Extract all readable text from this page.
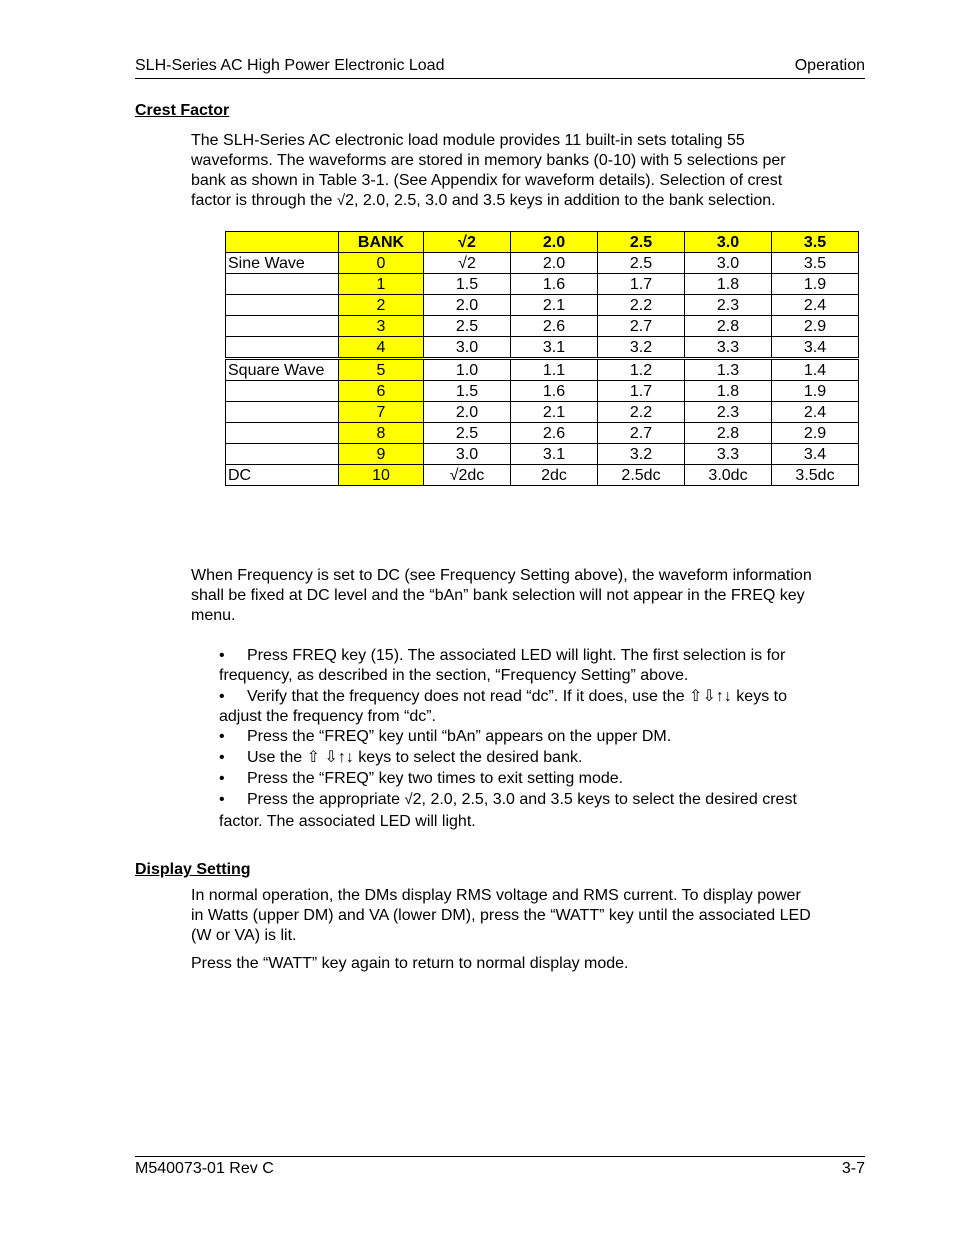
SLH-Series AC High Power Electronic Load	Operation
Crest Factor
The SLH-Series AC electronic load module provides 11 built-in sets totaling 55
waveforms. The waveforms are stored in memory banks (0-10) with 5 selections per
bank as shown in Table 3-1. (See Appendix for waveform details). Selection of crest
factor is through the √2, 2.0, 2.5, 3.0 and 3.5 keys in addition to the bank selection.
	BANK	√2	2.0	2.5	3.0	3.5
Sine Wave	0	√2	2.0	2.5	3.0	3.5
	1	1.5	1.6	1.7	1.8	1.9
	2	2.0	2.1	2.2	2.3	2.4
	3	2.5	2.6	2.7	2.8	2.9
	4	3.0	3.1	3.2	3.3	3.4
Square Wave	5	1.0	1.1	1.2	1.3	1.4
	6	1.5	1.6	1.7	1.8	1.9
	7	2.0	2.1	2.2	2.3	2.4
	8	2.5	2.6	2.7	2.8	2.9
	9	3.0	3.1	3.2	3.3	3.4
DC	10	√2dc	2dc	2.5dc	3.0dc	3.5dc
When Frequency is set to DC (see Frequency Setting above), the waveform information
shall be fixed at DC level and the “bAn” bank selection will not appear in the FREQ key
menu.
• Press FREQ key (15). The associated LED will light. The first selection is for
frequency, as described in the section, “Frequency Setting” above.
• Verify that the frequency does not read “dc”. If it does, use the ⇧⇩↑↓ keys to
adjust the frequency from “dc”.
• Press the “FREQ” key until “bAn” appears on the upper DM.
• Use the ⇧ ⇩↑↓ keys to select the desired bank.
• Press the “FREQ” key two times to exit setting mode.
• Press the appropriate √2, 2.0, 2.5, 3.0 and 3.5 keys to select the desired crest
factor. The associated LED will light.
Display Setting
In normal operation, the DMs display RMS voltage and RMS current. To display power
in Watts (upper DM) and VA (lower DM), press the “WATT” key until the associated LED
(W or VA) is lit.
Press the “WATT” key again to return to normal display mode.
M540073-01 Rev C	3-7
